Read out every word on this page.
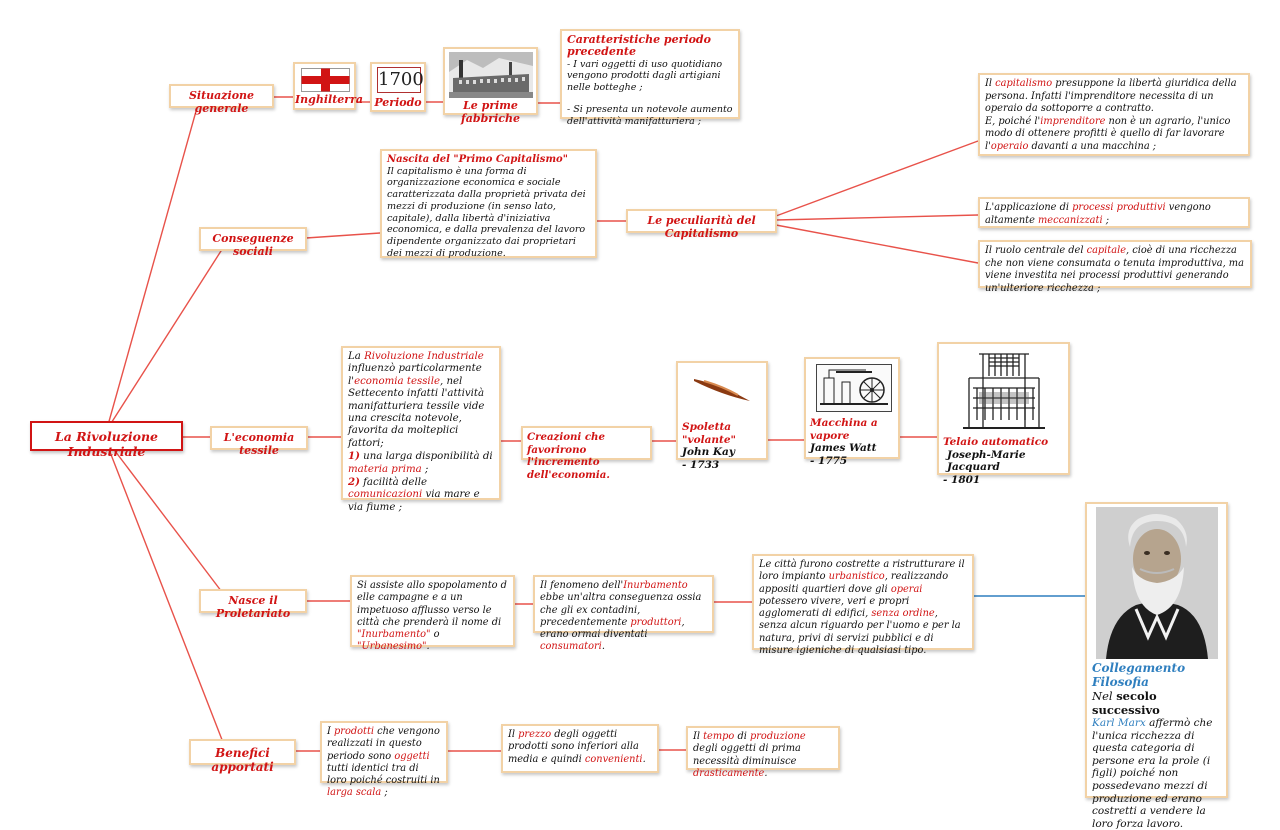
La Rivoluzione Industriale
Situazione generale
Conseguenze sociali
L'economia tessile
Nasce il Proletariato
Benefici apportati
Inghilterra
1700
Periodo	Le prime fabbriche
Caratteristiche periodo precedente
- I vari oggetti di uso quotidiano vengono prodotti dagli artigiani nelle botteghe ;
- Si presenta un notevole aumento dell'attività manifatturiera ;
Nascita del "Primo Capitalismo"
Il capitalismo è una forma di organizzazione economica e sociale caratterizzata dalla proprietà privata dei mezzi di produzione (in senso lato, capitale), dalla libertà d'iniziativa economica, e dalla prevalenza del lavoro dipendente organizzato dai proprietari dei mezzi di produzione.
Le peculiarità del Capitalismo
Il capitalismo presuppone la libertà giuridica della persona. Infatti l'imprenditore necessita di un operaio da sottoporre a contratto.
E, poiché l'imprenditore non è un agrario, l'unico modo di ottenere profitti è quello di far lavorare l'operaio davanti a una macchina ;
L'applicazione di processi produttivi vengono altamente meccanizzati ;
Il ruolo centrale del capitale, cioè di una ricchezza che non viene consumata o tenuta improduttiva, ma viene investita nei processi produttivi generando un'ulteriore ricchezza ;
La Rivoluzione Industriale influenzò particolarmente l'economia tessile, nel Settecento infatti l'attività manifatturiera tessile vide una crescita notevole, favorita da molteplici fattori;
1) una larga disponibilità di materia prima ;
2) facilità delle comunicazioni via mare e via fiume ;
Creazioni che favorirono l'incremento dell'economia.
Spoletta "volante"
John Kay
- 1733
Macchina a vapore
James Watt
- 1775
Telaio automatico
Joseph-Marie Jacquard
- 1801
Si assiste allo spopolamento d elle campagne e a un impetuoso afflusso verso le città che prenderà il nome di "Inurbamento" o "Urbanesimo".
Il fenomeno dell'Inurbamento ebbe un'altra conseguenza ossia che gli ex contadini, precedentemente produttori, erano ormai diventati consumatori.
Le città furono costrette a ristrutturare il loro impianto urbanistico, realizzando appositi quartieri dove gli operai potessero vivere, veri e propri agglomerati di edifici, senza ordine, senza alcun riguardo per l'uomo e per la natura, privi di servizi pubblici e di misure igieniche di qualsiasi tipo.
I prodotti che vengono realizzati in questo periodo sono oggetti tutti identici tra di loro poiché costruiti in larga scala ;
Il prezzo degli oggetti prodotti sono inferiori alla media e quindi convenienti.
Il tempo di produzione
degli oggetti di prima necessità diminuisce drasticamente.
Collegamento Filosofia
Nel secolo successivo
Karl Marx affermò che l'unica ricchezza di questa categoria di persone era la prole (i figli) poiché non possedevano mezzi di produzione ed erano costretti a vendere la loro forza lavoro.
